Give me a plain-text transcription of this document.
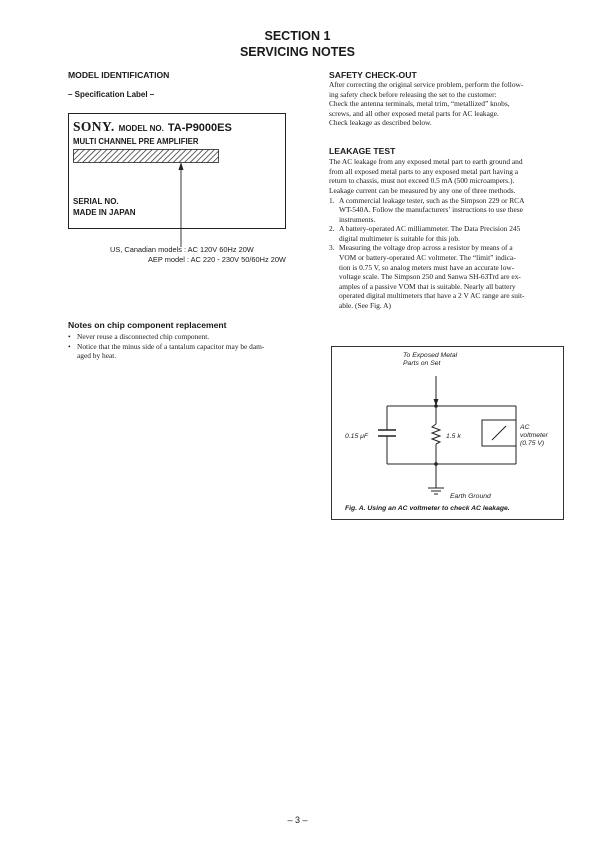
SECTION 1
SERVICING NOTES
MODEL IDENTIFICATION
– Specification Label –
SONY. MODEL NO. TA-P9000ES
MULTI CHANNEL PRE AMPLIFIER
SERIAL NO.
MADE IN JAPAN
US, Canadian models : AC 120V 60Hz 20W
AEP model : AC 220 - 230V 50/60Hz 20W
Notes on chip component replacement
• Never reuse a disconnected chip component.
• Notice that the minus side of a tantalum capacitor may be dam-
aged by heat.
SAFETY CHECK-OUT

After correcting the original service problem, perform the follow-

ing safety check before releasing the set to the customer:

Check the antenna terminals, metal trim, “metallized” knobs,

screws, and all other exposed metal parts for AC leakage.

Check leakage as described below.

LEAKAGE TEST

The AC leakage from any exposed metal part to earth ground and

from all exposed metal parts to any exposed metal part having a

return to chassis, must not exceed 0.5 mA (500 microampers.).

Leakage current can be measured by any one of three methods.

1. A commercial leakage tester, such as the Simpson 229 or RCA
WT-540A. Follow the manufacturers’ instructions to use these
instruments.
2. A battery-operated AC milliammeter. The Data Precision 245
digital multimeter is suitable for this job.
3. Measuring the voltage drop across a resistor by means of a
VOM or battery-operated AC voltmeter. The “limit” indica-
tion is 0.75 V, so analog meters must have an accurate low-
voltage scale. The Simpson 250 and Sanwa SH-63Trd are ex-
amples of a passive VOM that is suitable. Nearly all battery
operated digital multimeters that have a 2 V AC range are suit-
able. (See Fig. A)
To Exposed Metal
Parts on Set
0.15 μF	1.5 k
AC
voltmeter
(0.75 V)
Earth Ground
Fig. A. Using an AC voltmeter to check AC leakage.
– 3 –
